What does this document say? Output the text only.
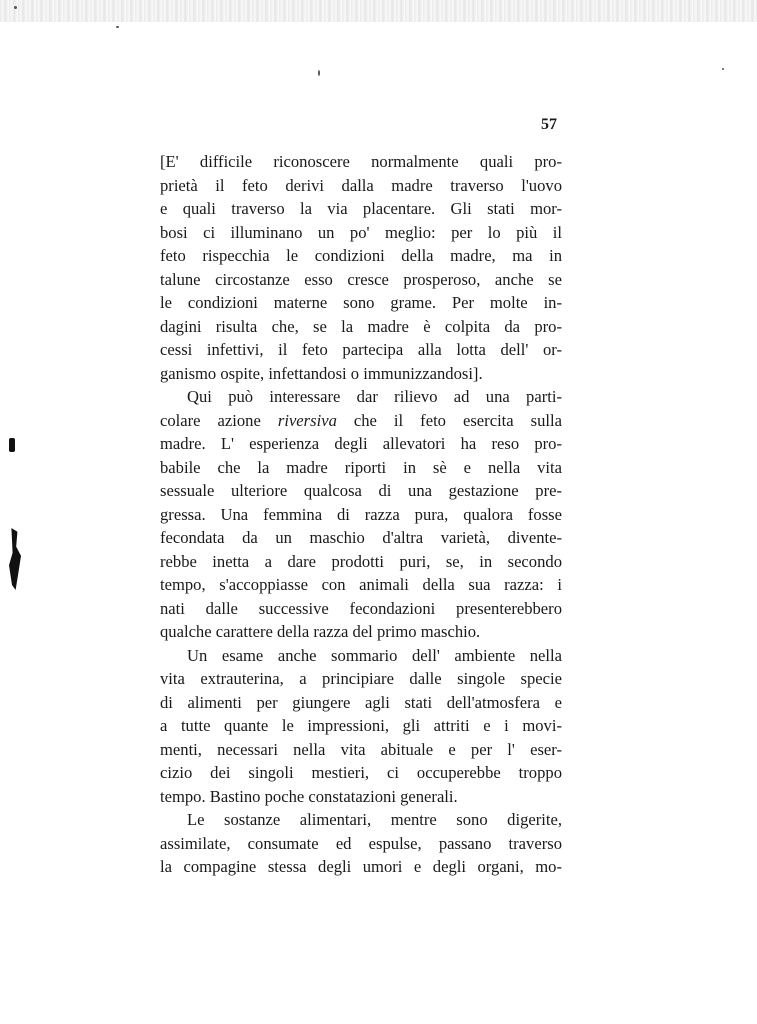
57
[E' difficile riconoscere normalmente quali pro-
prietà il feto derivi dalla madre traverso l'uovo
e quali traverso la via placentare. Gli stati mor-
bosi ci illuminano un po' meglio: per lo più il
feto rispecchia le condizioni della madre, ma in
talune circostanze esso cresce prosperoso, anche se
le condizioni materne sono grame. Per molte in-
dagini risulta che, se la madre è colpita da pro-
cessi infettivi, il feto partecipa alla lotta dell' or-
ganismo ospite, infettandosi o immunizzandosi].
Qui può interessare dar rilievo ad una parti-
colare azione riversiva che il feto esercita sulla
madre. L' esperienza degli allevatori ha reso pro-
babile che la madre riporti in sè e nella vita
sessuale ulteriore qualcosa di una gestazione pre-
gressa. Una femmina di razza pura, qualora fosse
fecondata da un maschio d'altra varietà, divente-
rebbe inetta a dare prodotti puri, se, in secondo
tempo, s'accoppiasse con animali della sua razza: i
nati dalle successive fecondazioni presenterebbero
qualche carattere della razza del primo maschio.
Un esame anche sommario dell' ambiente nella
vita extrauterina, a principiare dalle singole specie
di alimenti per giungere agli stati dell'atmosfera e
a tutte quante le impressioni, gli attriti e i movi-
menti, necessari nella vita abituale e per l' eser-
cizio dei singoli mestieri, ci occuperebbe troppo
tempo. Bastino poche constatazioni generali.
Le sostanze alimentari, mentre sono digerite,
assimilate, consumate ed espulse, passano traverso
la compagine stessa degli umori e degli organi, mo-
